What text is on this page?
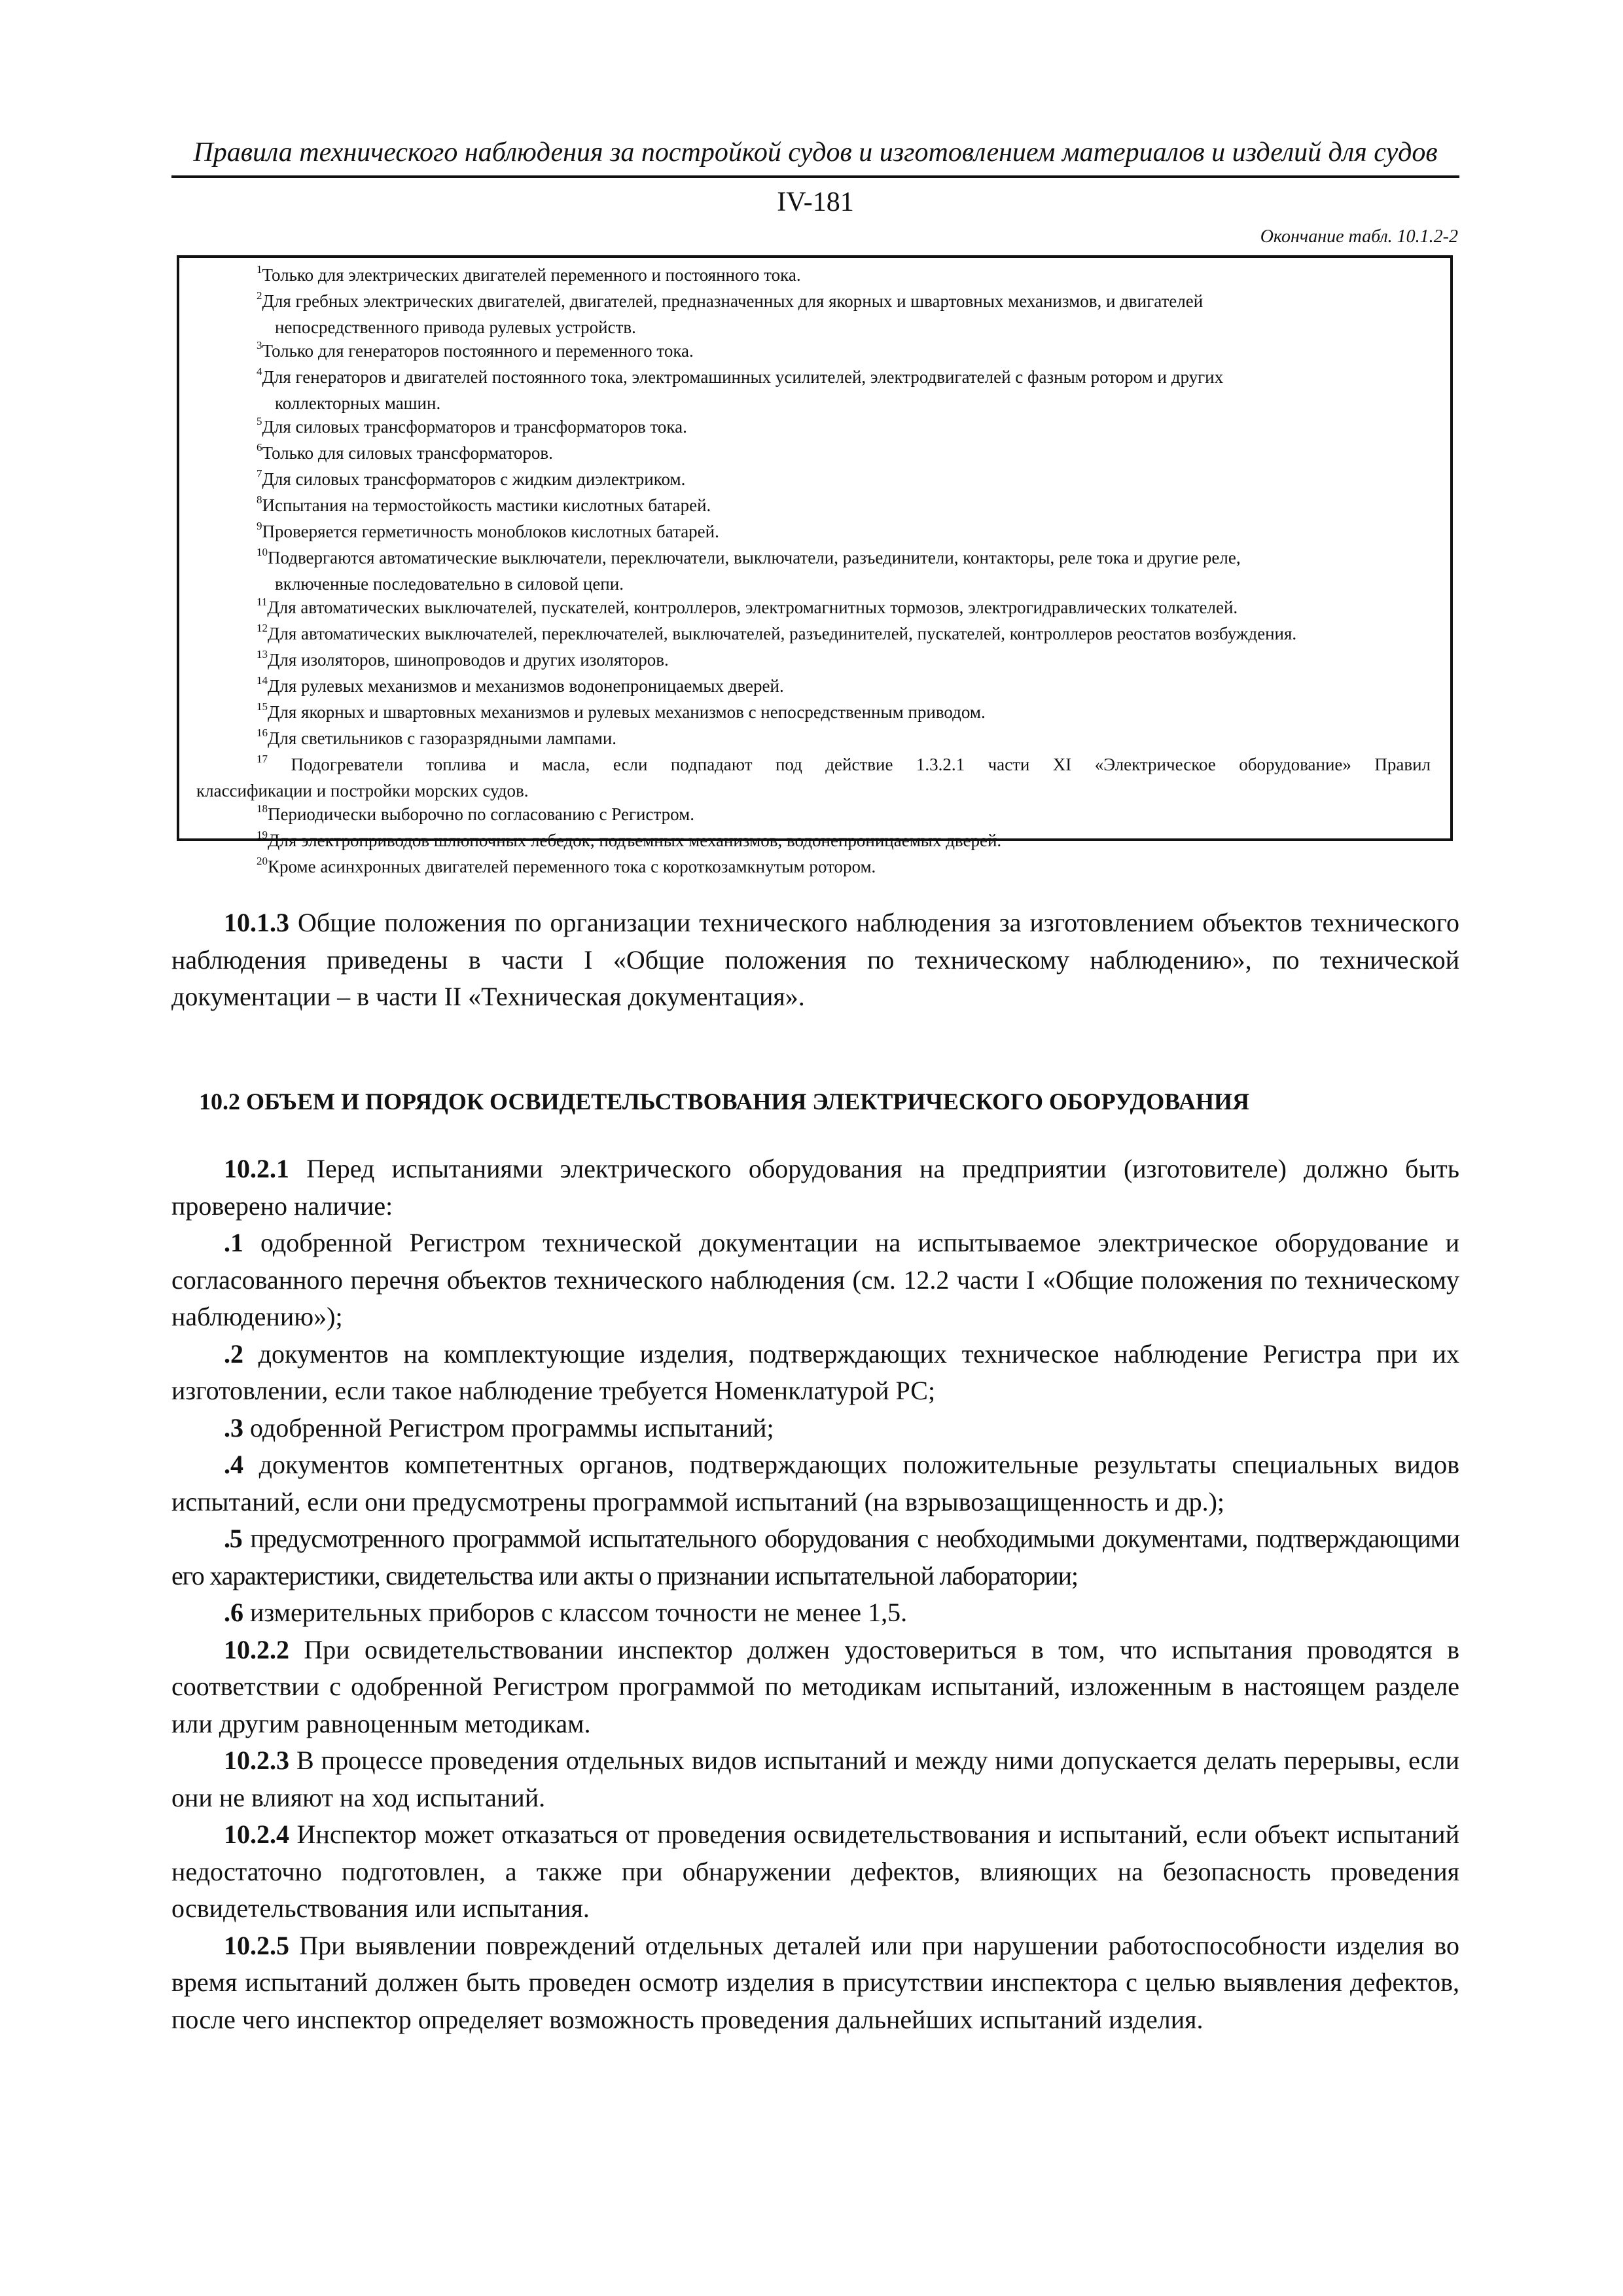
Правила технического наблюдения за постройкой судов и изготовлением материалов и изделий для судов
IV-181
Окончание табл. 10.1.2-2
$^1$Только для электрических двигателей переменного и постоянного тока.
$^2$Для гребных электрических двигателей, двигателей, предназначенных для якорных и швартовных механизмов, и двигателей
непосредственного привода рулевых устройств.
$^3$Только для генераторов постоянного и переменного тока.
$^4$Для генераторов и двигателей постоянного тока, электромашинных усилителей, электродвигателей с фазным ротором и других
коллекторных машин.
$^5$Для силовых трансформаторов и трансформаторов тока.
$^6$Только для силовых трансформаторов.
$^7$Для силовых трансформаторов с жидким диэлектриком.
$^8$Испытания на термостойкость мастики кислотных батарей.
$^9$Проверяется герметичность моноблоков кислотных батарей.
$^{10}$Подвергаются автоматические выключатели, переключатели, выключатели, разъединители, контакторы, реле тока и другие реле,
включенные последовательно в силовой цепи.
$^{11}$Для автоматических выключателей, пускателей, контроллеров, электромагнитных тормозов, электрогидравлических толкателей.
$^{12}$Для автоматических выключателей, переключателей, выключателей, разъединителей, пускателей, контроллеров реостатов возбуждения.
$^{13}$Для изоляторов, шинопроводов и других изоляторов.
$^{14}$Для рулевых механизмов и механизмов водонепроницаемых дверей.
$^{15}$Для якорных и швартовных механизмов и рулевых механизмов с непосредственным приводом.
$^{16}$Для светильников с газоразрядными лампами.
$^{17}$ Подогреватели топлива и масла, если подпадают под действие 1.3.2.1 части XI «Электрическое оборудование» Правил
классификации и постройки морских судов.
$^{18}$Периодически выборочно по согласованию с Регистром.
$^{19}$Для электроприводов шлюпочных лебедок, подъемных механизмов, водонепроницаемых дверей.
$^{20}$Кроме асинхронных двигателей переменного тока с короткозамкнутым ротором.

10.1.3 Общие положения по организации технического наблюдения за изготовлением объектов технического наблюдения приведены в части I «Общие положения по техническому наблюдению», по технической документации – в части II «Техническая документация».

10.2 ОБЪЕМ И ПОРЯДОК ОСВИДЕТЕЛЬСТВОВАНИЯ ЭЛЕКТРИЧЕСКОГО ОБОРУДОВАНИЯ

10.2.1 Перед испытаниями электрического оборудования на предприятии (изготовителе) должно быть проверено наличие:

.1 одобренной Регистром технической документации на испытываемое электрическое оборудование и согласованного перечня объектов технического наблюдения (см. 12.2 части I «Общие положения по техническому наблюдению»);

.2 документов на комплектующие изделия, подтверждающих техническое наблюдение Регистра при их изготовлении, если такое наблюдение требуется Номенклатурой РС;

.3 одобренной Регистром программы испытаний;

.4 документов компетентных органов, подтверждающих положительные результаты специальных видов испытаний, если они предусмотрены программой испытаний (на взрывозащищенность и др.);

.5 предусмотренного программой испытательного оборудования с необходимыми документами, подтверждающими его характеристики, свидетельства или акты о признании испытательной лаборатории;

.6 измерительных приборов с классом точности не менее 1,5.

10.2.2 При освидетельствовании инспектор должен удостовериться в том, что испытания проводятся в соответствии с одобренной Регистром программой по методикам испытаний, изложенным в настоящем разделе или другим равноценным методикам.

10.2.3 В процессе проведения отдельных видов испытаний и между ними допускается делать перерывы, если они не влияют на ход испытаний.

10.2.4 Инспектор может отказаться от проведения освидетельствования и испытаний, если объект испытаний недостаточно подготовлен, а также при обнаружении дефектов, влияющих на безопасность проведения освидетельствования или испытания.

10.2.5 При выявлении повреждений отдельных деталей или при нарушении работоспособности изделия во время испытаний должен быть проведен осмотр изделия в присутствии инспектора с целью выявления дефектов, после чего инспектор определяет возможность проведения дальнейших испытаний изделия.
